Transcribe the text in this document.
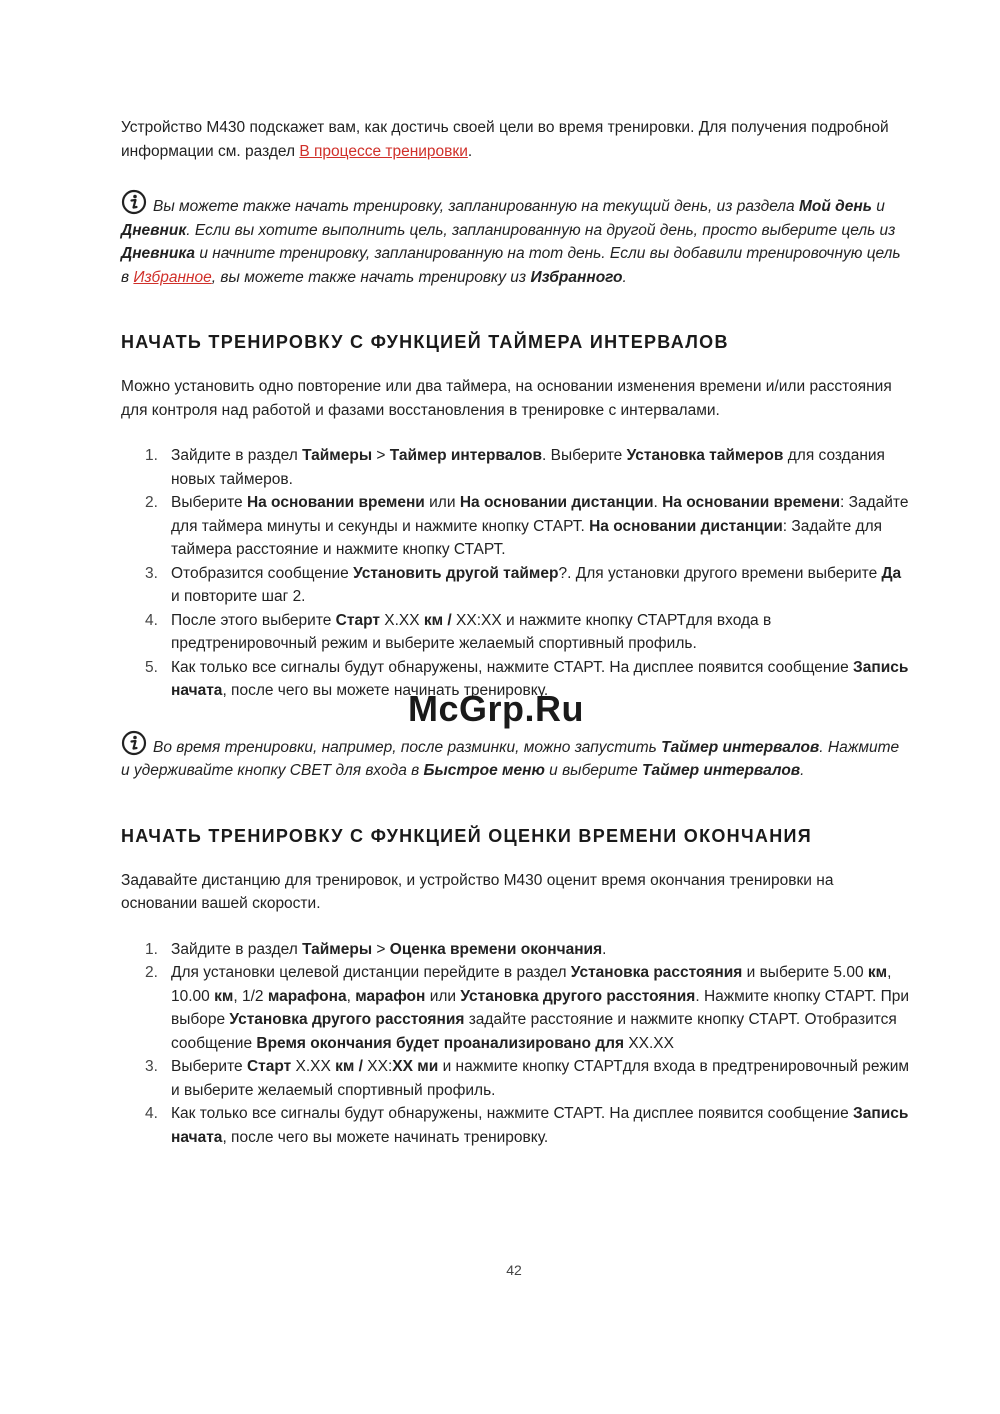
Устройство M430 подскажет вам, как достичь своей цели во время тренировки. Для получения подробной информации см. раздел В процессе тренировки.

Вы можете также начать тренировку, запланированную на текущий день, из раздела Мой день и Дневник. Если вы хотите выполнить цель, запланированную на другой день, просто выберите цель из Дневника и начните тренировку, запланированную на тот день. Если вы добавили тренировочную цель в Избранное, вы можете также начать тренировку из Избранного.

НАЧАТЬ ТРЕНИРОВКУ С ФУНКЦИЕЙ ТАЙМЕРА ИНТЕРВАЛОВ

Можно установить одно повторение или два таймера, на основании изменения времени и/или расстояния для контроля над работой и фазами восстановления в тренировке с интервалами.

1. Зайдите в раздел Таймеры > Таймер интервалов. Выберите Установка таймеров для создания новых таймеров.
2. Выберите На основании времени или На основании дистанции. На основании времени: Задайте для таймера минуты и секунды и нажмите кнопку СТАРТ. На основании дистанции: Задайте для таймера расстояние и нажмите кнопку СТАРТ.
3. Отобразится сообщение Установить другой таймер?. Для установки другого времени выберите Да и повторите шаг 2.
4. После этого выберите Старт X.XX км / XX:XX и нажмите кнопку СТАРТдля входа в предтренировочный режим и выберите желаемый спортивный профиль.
5. Как только все сигналы будут обнаружены, нажмите СТАРТ. На дисплее появится сообщение Запись начата, после чего вы можете начинать тренировку.

Во время тренировки, например, после разминки, можно запустить Таймер интервалов. Нажмите и удерживайте кнопку СВЕТ для входа в Быстрое меню и выберите Таймер интервалов.

НАЧАТЬ ТРЕНИРОВКУ С ФУНКЦИЕЙ ОЦЕНКИ ВРЕМЕНИ ОКОНЧАНИЯ

Задавайте дистанцию для тренировок, и устройство M430 оценит время окончания тренировки на основании вашей скорости.

1. Зайдите в раздел Таймеры > Оценка времени окончания.
2. Для установки целевой дистанции перейдите в раздел Установка расстояния и выберите 5.00 км, 10.00 км, 1/2 марафона, марафон или Установка другого расстояния. Нажмите кнопку СТАРТ. При выборе Установка другого расстояния задайте расстояние и нажмите кнопку СТАРТ. Отобразится сообщение Время окончания будет проанализировано для XX.XX
3. Выберите Старт X.XX км / XX:XX ми и нажмите кнопку СТАРТдля входа в предтренировочный режим и выберите желаемый спортивный профиль.
4. Как только все сигналы будут обнаружены, нажмите СТАРТ. На дисплее появится сообщение Запись начата, после чего вы можете начинать тренировку.
McGrp.Ru
42
